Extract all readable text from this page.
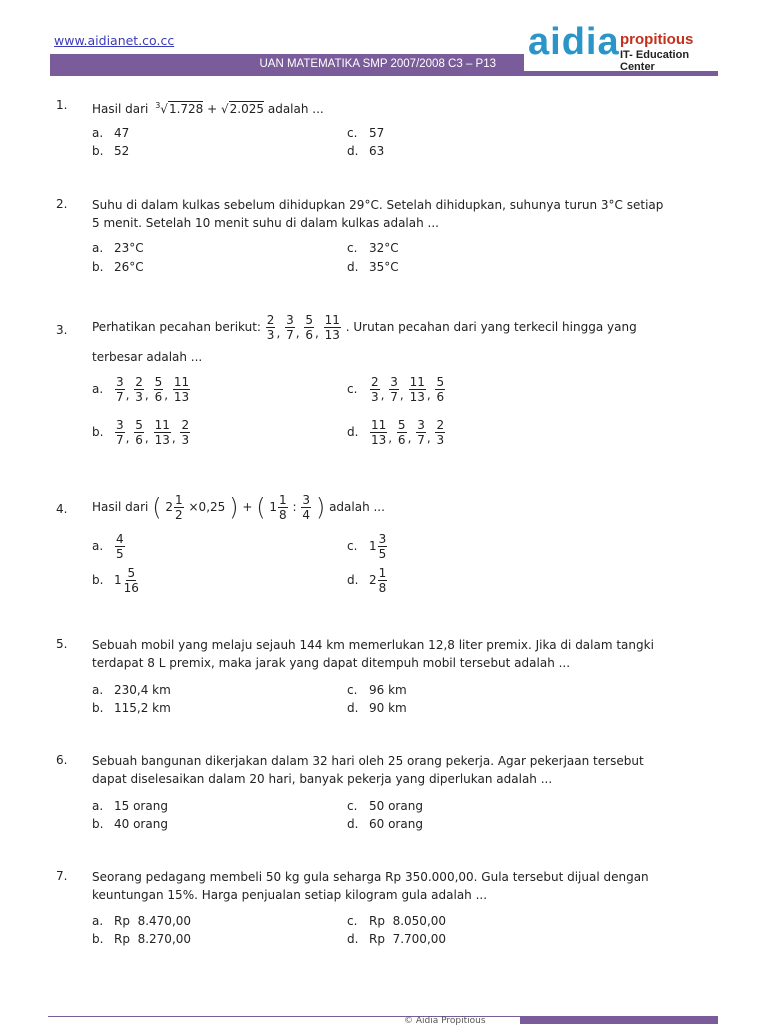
www.aidianet.co.cc
UAN MATEMATIKA SMP 2007/2008 C3 – P13
aidia propitious
IT- Education Center
1. Hasil dari $^3$√1.728 + √2.025 adalah ...
a. 47
b. 52
c. 57
d. 63
2. Suhu di dalam kulkas sebelum dihidupkan 29°C. Setelah dihidupkan, suhunya turun 3°C setiap
5 menit. Setelah 10 menit suhu di dalam kulkas adalah ...
a. 23°C
b. 26°C
c. 32°C
d. 35°C
3. Perhatikan pecahan berikut: $\frac{2}{3}$ , $\frac{3}{7}$ , $\frac{5}{6}$ , $\frac{11}{13}$ . Urutan pecahan dari yang terkecil hingga yang
terbesar adalah ...
a. $\frac{3}{7}$ , $\frac{2}{3}$ , $\frac{5}{6}$ , $\frac{11}{13}$
b. $\frac{3}{7}$ , $\frac{5}{6}$ , $\frac{11}{13}$ , $\frac{2}{3}$
c. $\frac{2}{3}$ , $\frac{3}{7}$ , $\frac{11}{13}$ , $\frac{5}{6}$
d. $\frac{11}{13}$ , $\frac{5}{6}$ , $\frac{3}{7}$ , $\frac{2}{3}$
4. Hasil dari ( $2 \frac{1}{2} \times 0,25$ ) + ( $1 \frac{1}{8}$ : $\frac{3}{4}$ ) adalah ...
a. $\frac{4}{5}$
b. $1 \frac{5}{16}$
c. $1 \frac{3}{5}$
d. $2 \frac{1}{8}$
5. Sebuah mobil yang melaju sejauh 144 km memerlukan 12,8 liter premix. Jika di dalam tangki
terdapat 8 L premix, maka jarak yang dapat ditempuh mobil tersebut adalah ...
a. 230,4 km
b. 115,2 km
c. 96 km
d. 90 km
6. Sebuah bangunan dikerjakan dalam 32 hari oleh 25 orang pekerja. Agar pekerjaan tersebut
dapat diselesaikan dalam 20 hari, banyak pekerja yang diperlukan adalah ...
a. 15 orang
b. 40 orang
c. 50 orang
d. 60 orang
7. Seorang pedagang membeli 50 kg gula seharga Rp 350.000,00. Gula tersebut dijual dengan
keuntungan 15%. Harga penjualan setiap kilogram gula adalah ...
a. Rp  8.470,00
b. Rp  8.270,00
c. Rp  8.050,00
d. Rp  7.700,00
© Aidia Propitious
